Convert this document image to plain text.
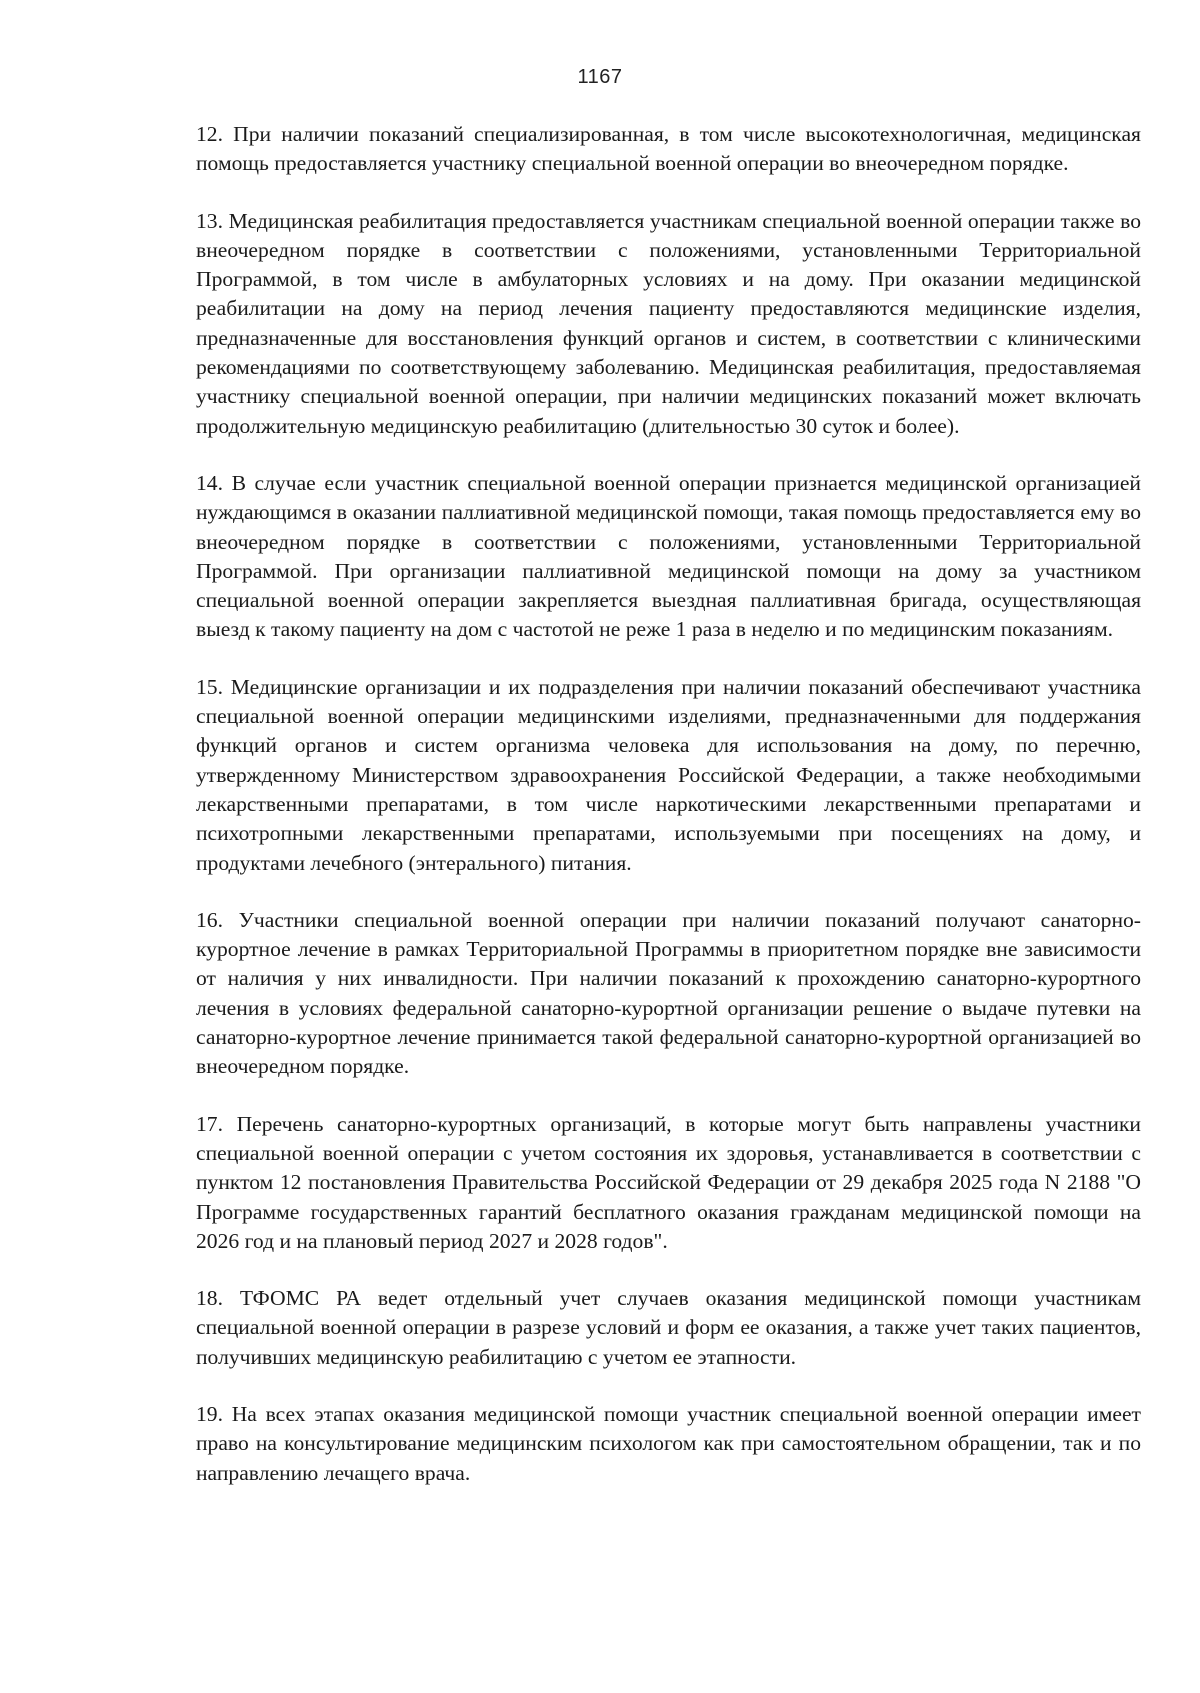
1167

12. При наличии показаний специализированная, в том числе высокотехнологичная, медицинская помощь предоставляется участнику специальной военной операции во внеочередном порядке.

13. Медицинская реабилитация предоставляется участникам специальной военной операции также во внеочередном порядке в соответствии с положениями, установленными Территориальной Программой, в том числе в амбулаторных условиях и на дому. При оказании медицинской реабилитации на дому на период лечения пациенту предоставляются медицинские изделия, предназначенные для восстановления функций органов и систем, в соответствии с клиническими рекомендациями по соответствующему заболеванию. Медицинская реабилитация, предоставляемая участнику специальной военной операции, при наличии медицинских показаний может включать продолжительную медицинскую реабилитацию (длительностью 30 суток и более).

14. В случае если участник специальной военной операции признается медицинской организацией нуждающимся в оказании паллиативной медицинской помощи, такая помощь предоставляется ему во внеочередном порядке в соответствии с положениями, установленными Территориальной Программой. При организации паллиативной медицинской помощи на дому за участником специальной военной операции закрепляется выездная паллиативная бригада, осуществляющая выезд к такому пациенту на дом с частотой не реже 1 раза в неделю и по медицинским показаниям.

15. Медицинские организации и их подразделения при наличии показаний обеспечивают участника специальной военной операции медицинскими изделиями, предназначенными для поддержания функций органов и систем организма человека для использования на дому, по перечню, утвержденному Министерством здравоохранения Российской Федерации, а также необходимыми лекарственными препаратами, в том числе наркотическими лекарственными препаратами и психотропными лекарственными препаратами, используемыми при посещениях на дому, и продуктами лечебного (энтерального) питания.

16. Участники специальной военной операции при наличии показаний получают санаторно-курортное лечение в рамках Территориальной Программы в приоритетном порядке вне зависимости от наличия у них инвалидности. При наличии показаний к прохождению санаторно-курортного лечения в условиях федеральной санаторно-курортной организации решение о выдаче путевки на санаторно-курортное лечение принимается такой федеральной санаторно-курортной организацией во внеочередном порядке.

17. Перечень санаторно-курортных организаций, в которые могут быть направлены участники специальной военной операции с учетом состояния их здоровья, устанавливается в соответствии с пунктом 12 постановления Правительства Российской Федерации от 29 декабря 2025 года N 2188 "О Программе государственных гарантий бесплатного оказания гражданам медицинской помощи на 2026 год и на плановый период 2027 и 2028 годов".

18. ТФОМС РА ведет отдельный учет случаев оказания медицинской помощи участникам специальной военной операции в разрезе условий и форм ее оказания, а также учет таких пациентов, получивших медицинскую реабилитацию с учетом ее этапности.

19. На всех этапах оказания медицинской помощи участник специальной военной операции имеет право на консультирование медицинским психологом как при самостоятельном обращении, так и по направлению лечащего врача.
